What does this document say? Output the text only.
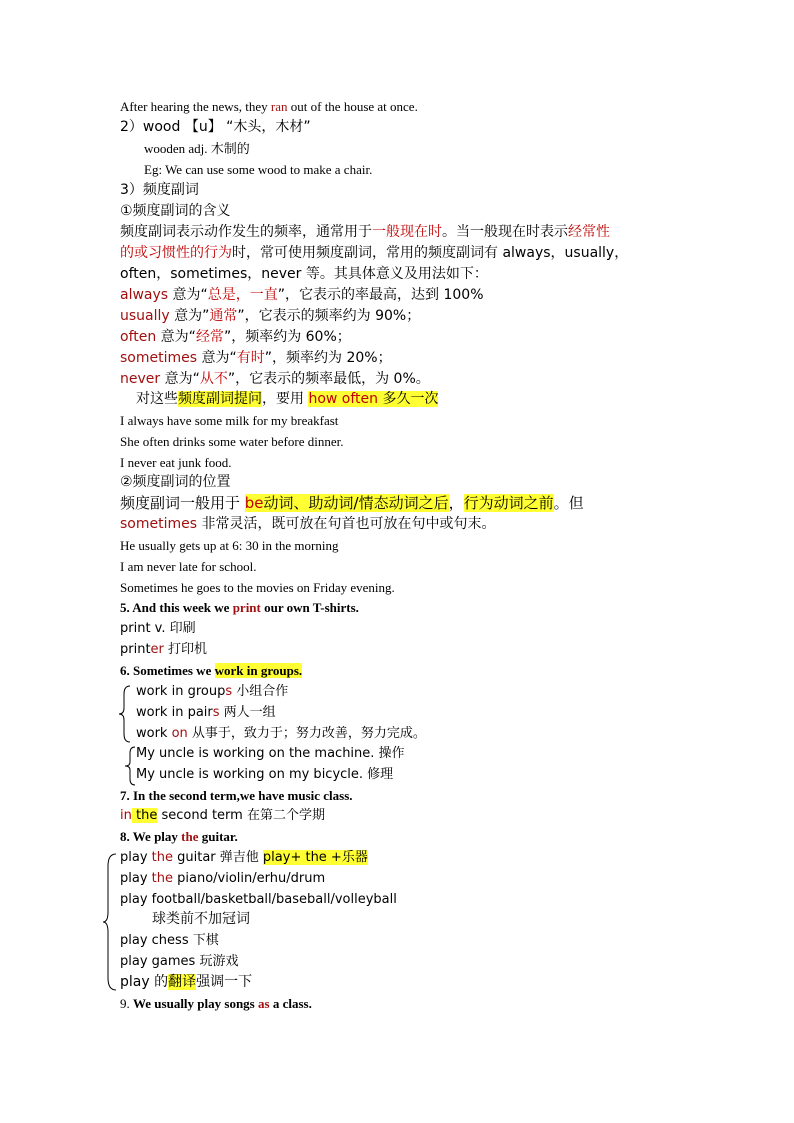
After hearing the news, they ran out of the house at once.
2）wood 【u】 “木头，木材”
wooden adj. 木制的
Eg: We can use some wood to make a chair.
3）频度副词
①频度副词的含义
频度副词表示动作发生的频率，通常用于一般现在时。当一般现在时表示经常性
的或习惯性的行为时，常可使用频度副词，常用的频度副词有 always，usually，
often，sometimes，never 等。其具体意义及用法如下：
always 意为“总是，一直”，它表示的率最高，达到 100%
usually 意为”通常”，它表示的频率约为 90%；
often 意为“经常”，频率约为 60%；
sometimes 意为“有时”，频率约为 20%；
never 意为“从不”，它表示的频率最低，为 0%。
对这些频度副词提问，要用 how often 多久一次
I always have some milk for my breakfast
She often drinks some water before dinner.
I never eat junk food.
②频度副词的位置
频度副词一般用于 be动词、助动词/情态动词之后，行为动词之前。但
sometimes 非常灵活，既可放在句首也可放在句中或句末。
He usually gets up at 6: 30 in the morning
I am never late for school.
Sometimes he goes to the movies on Friday evening.
5. And this week we print our own T-shirts.
print v. 印刷
printer 打印机
6. Sometimes we work in groups.
work in groups 小组合作
work in pairs 两人一组
work on 从事于，致力于；努力改善，努力完成。
My uncle is working on the machine. 操作
My uncle is working on my bicycle. 修理
7. In the second term,we have music class.
in the second term 在第二个学期
8. We play the guitar.
play the guitar 弹吉他 play+ the +乐器
play the piano/violin/erhu/drum
play football/basketball/baseball/volleyball
球类前不加冠词
play chess 下棋
play games 玩游戏
play 的翻译强调一下
9. We usually play songs as a class.
